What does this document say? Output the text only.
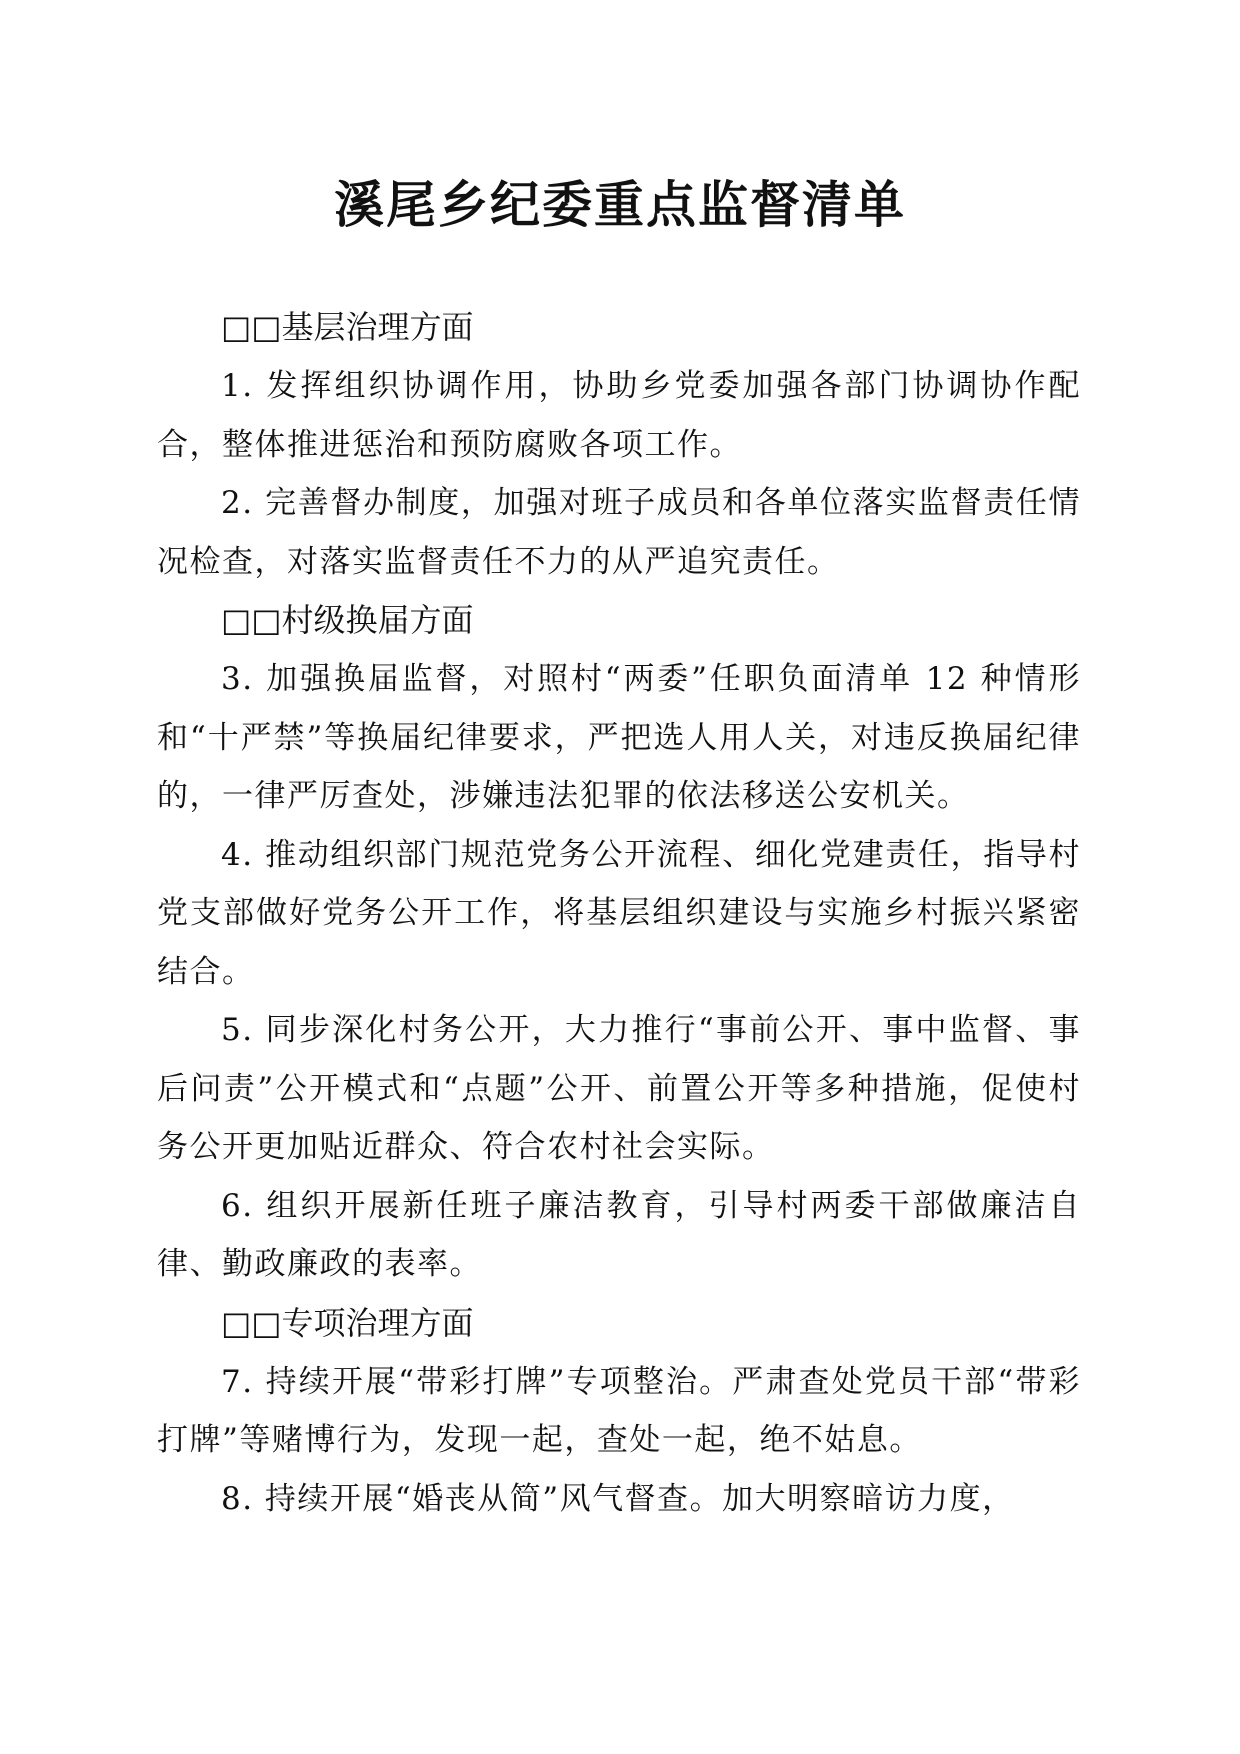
溪尾乡纪委重点监督清单

□□基层治理方面

1. 发挥组织协调作用，协助乡党委加强各部门协调协作配合，整体推进惩治和预防腐败各项工作。

2. 完善督办制度，加强对班子成员和各单位落实监督责任情况检查，对落实监督责任不力的从严追究责任。

□□村级换届方面

3. 加强换届监督，对照村“两委”任职负面清单 12 种情形和“十严禁”等换届纪律要求，严把选人用人关，对违反换届纪律的，一律严厉查处，涉嫌违法犯罪的依法移送公安机关。

4. 推动组织部门规范党务公开流程、细化党建责任，指导村党支部做好党务公开工作，将基层组织建设与实施乡村振兴紧密结合。

5. 同步深化村务公开，大力推行“事前公开、事中监督、事后问责”公开模式和“点题”公开、前置公开等多种措施，促使村务公开更加贴近群众、符合农村社会实际。

6. 组织开展新任班子廉洁教育，引导村两委干部做廉洁自律、勤政廉政的表率。

□□专项治理方面

7. 持续开展“带彩打牌”专项整治。严肃查处党员干部“带彩打牌”等赌博行为，发现一起，查处一起，绝不姑息。

8. 持续开展“婚丧从简”风气督查。加大明察暗访力度，
